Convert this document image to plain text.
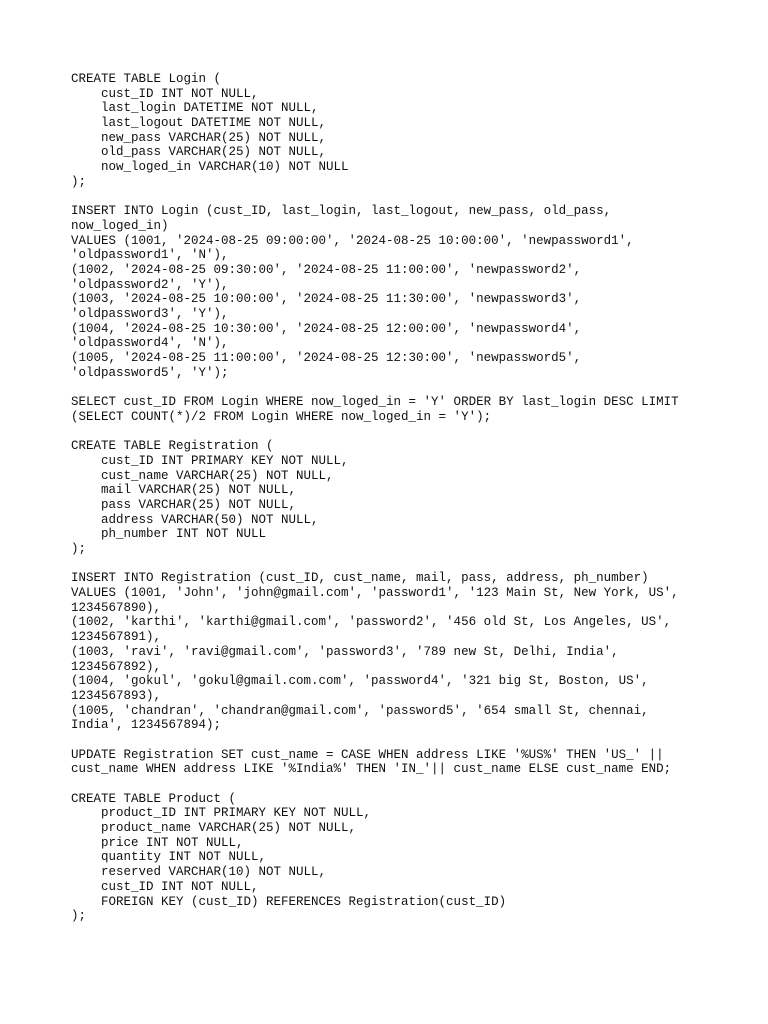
CREATE TABLE Login (
cust_ID INT NOT NULL,
last_login DATETIME NOT NULL,
last_logout DATETIME NOT NULL,
new_pass VARCHAR(25) NOT NULL,
old_pass VARCHAR(25) NOT NULL,
now_loged_in VARCHAR(10) NOT NULL
);
INSERT INTO Login (cust_ID, last_login, last_logout, new_pass, old_pass,
now_loged_in)
VALUES (1001, '2024-08-25 09:00:00', '2024-08-25 10:00:00', 'newpassword1',
'oldpassword1', 'N'),
(1002, '2024-08-25 09:30:00', '2024-08-25 11:00:00', 'newpassword2',
'oldpassword2', 'Y'),
(1003, '2024-08-25 10:00:00', '2024-08-25 11:30:00', 'newpassword3',
'oldpassword3', 'Y'),
(1004, '2024-08-25 10:30:00', '2024-08-25 12:00:00', 'newpassword4',
'oldpassword4', 'N'),
(1005, '2024-08-25 11:00:00', '2024-08-25 12:30:00', 'newpassword5',
'oldpassword5', 'Y');
SELECT cust_ID FROM Login WHERE now_loged_in = 'Y' ORDER BY last_login DESC LIMIT
(SELECT COUNT(*)/2 FROM Login WHERE now_loged_in = 'Y');
CREATE TABLE Registration (
cust_ID INT PRIMARY KEY NOT NULL,
cust_name VARCHAR(25) NOT NULL,
mail VARCHAR(25) NOT NULL,
pass VARCHAR(25) NOT NULL,
address VARCHAR(50) NOT NULL,
ph_number INT NOT NULL
);
INSERT INTO Registration (cust_ID, cust_name, mail, pass, address, ph_number)
VALUES (1001, 'John', 'john@gmail.com', 'password1', '123 Main St, New York, US',
1234567890),
(1002, 'karthi', 'karthi@gmail.com', 'password2', '456 old St, Los Angeles, US',
1234567891),
(1003, 'ravi', 'ravi@gmail.com', 'password3', '789 new St, Delhi, India',
1234567892),
(1004, 'gokul', 'gokul@gmail.com.com', 'password4', '321 big St, Boston, US',
1234567893),
(1005, 'chandran', 'chandran@gmail.com', 'password5', '654 small St, chennai,
India', 1234567894);
UPDATE Registration SET cust_name = CASE WHEN address LIKE '%US%' THEN 'US_' ||
cust_name WHEN address LIKE '%India%' THEN 'IN_'|| cust_name ELSE cust_name END;
CREATE TABLE Product (
product_ID INT PRIMARY KEY NOT NULL,
product_name VARCHAR(25) NOT NULL,
price INT NOT NULL,
quantity INT NOT NULL,
reserved VARCHAR(10) NOT NULL,
cust_ID INT NOT NULL,
FOREIGN KEY (cust_ID) REFERENCES Registration(cust_ID)
);
